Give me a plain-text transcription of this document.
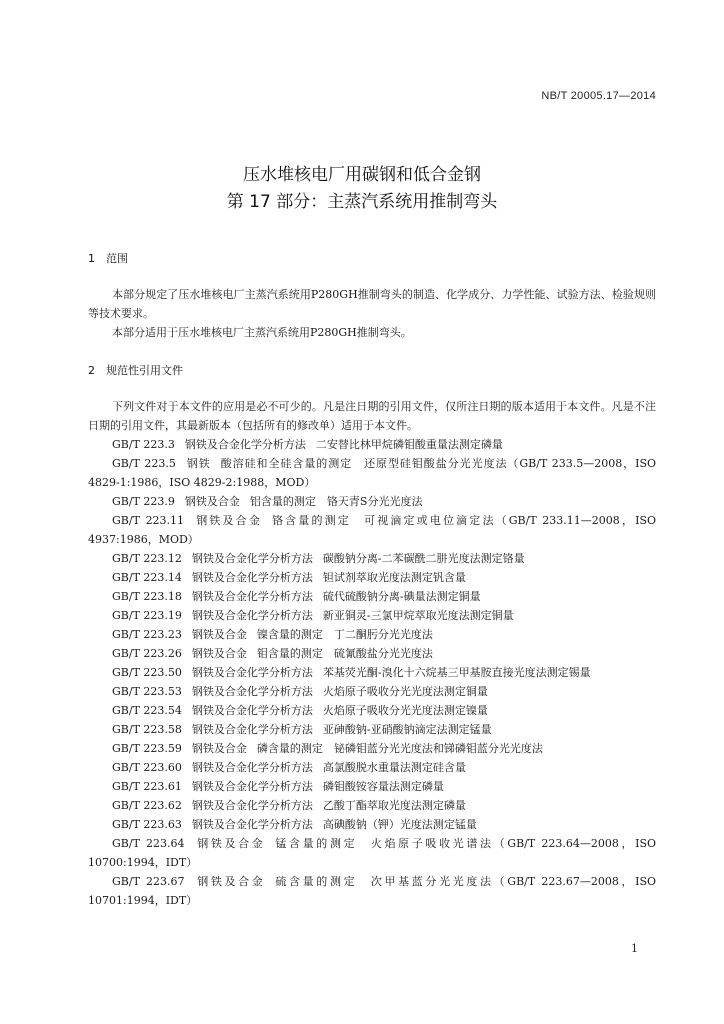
NB/T 20005.17—2014
压水堆核电厂用碳钢和低合金钢
第 17 部分：主蒸汽系统用推制弯头
1 范围
本部分规定了压水堆核电厂主蒸汽系统用P280GH推制弯头的制造、化学成分、力学性能、试验方法、检验规则等技术要求。
本部分适用于压水堆核电厂主蒸汽系统用P280GH推制弯头。
2 规范性引用文件
下列文件对于本文件的应用是必不可少的。凡是注日期的引用文件，仅所注日期的版本适用于本文件。凡是不注日期的引用文件，其最新版本（包括所有的修改单）适用于本文件。
GB/T 223.3 钢铁及合金化学分析方法 二安替比林甲烷磷钼酸重量法测定磷量
GB/T 223.5 钢铁 酸溶硅和全硅含量的测定　还原型硅钼酸盐分光光度法（GB/T 233.5—2008，ISO 4829-1:1986，ISO 4829-2:1988，MOD）
GB/T 223.9 钢铁及合金 铝含量的测定　铬天青S分光光度法
GB/T 223.11 钢铁及合金 铬含量的测定　可视滴定或电位滴定法（GB/T 233.11—2008，ISO 4937:1986，MOD）
GB/T 223.12 钢铁及合金化学分析方法 碳酸钠分离-二苯碳酰二肼光度法测定铬量
GB/T 223.14 钢铁及合金化学分析方法 钽试剂萃取光度法测定钒含量
GB/T 223.18 钢铁及合金化学分析方法 硫代硫酸钠分离-碘量法测定铜量
GB/T 223.19 钢铁及合金化学分析方法 新亚铜灵-三氯甲烷萃取光度法测定铜量
GB/T 223.23 钢铁及合金 镍含量的测定　丁二酮肟分光光度法
GB/T 223.26 钢铁及合金 钼含量的测定　硫氰酸盐分光光度法
GB/T 223.50 钢铁及合金化学分析方法 苯基荧光酮-溴化十六烷基三甲基胺直接光度法测定锡量
GB/T 223.53 钢铁及合金化学分析方法 火焰原子吸收分光光度法测定铜量
GB/T 223.54 钢铁及合金化学分析方法 火焰原子吸收分光光度法测定镍量
GB/T 223.58 钢铁及合金化学分析方法 亚砷酸钠-亚硝酸钠滴定法测定锰量
GB/T 223.59 钢铁及合金 磷含量的测定　铋磷钼蓝分光光度法和锑磷钼蓝分光光度法
GB/T 223.60 钢铁及合金化学分析方法 高氯酸脱水重量法测定硅含量
GB/T 223.61 钢铁及合金化学分析方法 磷钼酸铵容量法测定磷量
GB/T 223.62 钢铁及合金化学分析方法 乙酸丁酯萃取光度法测定磷量
GB/T 223.63 钢铁及合金化学分析方法 高碘酸钠（钾）光度法测定锰量
GB/T 223.64 钢铁及合金 锰含量的测定　火焰原子吸收光谱法（GB/T 223.64—2008，ISO 10700:1994，IDT）
GB/T 223.67 钢铁及合金 硫含量的测定　次甲基蓝分光光度法（GB/T 223.67—2008，ISO 10701:1994，IDT）
1
